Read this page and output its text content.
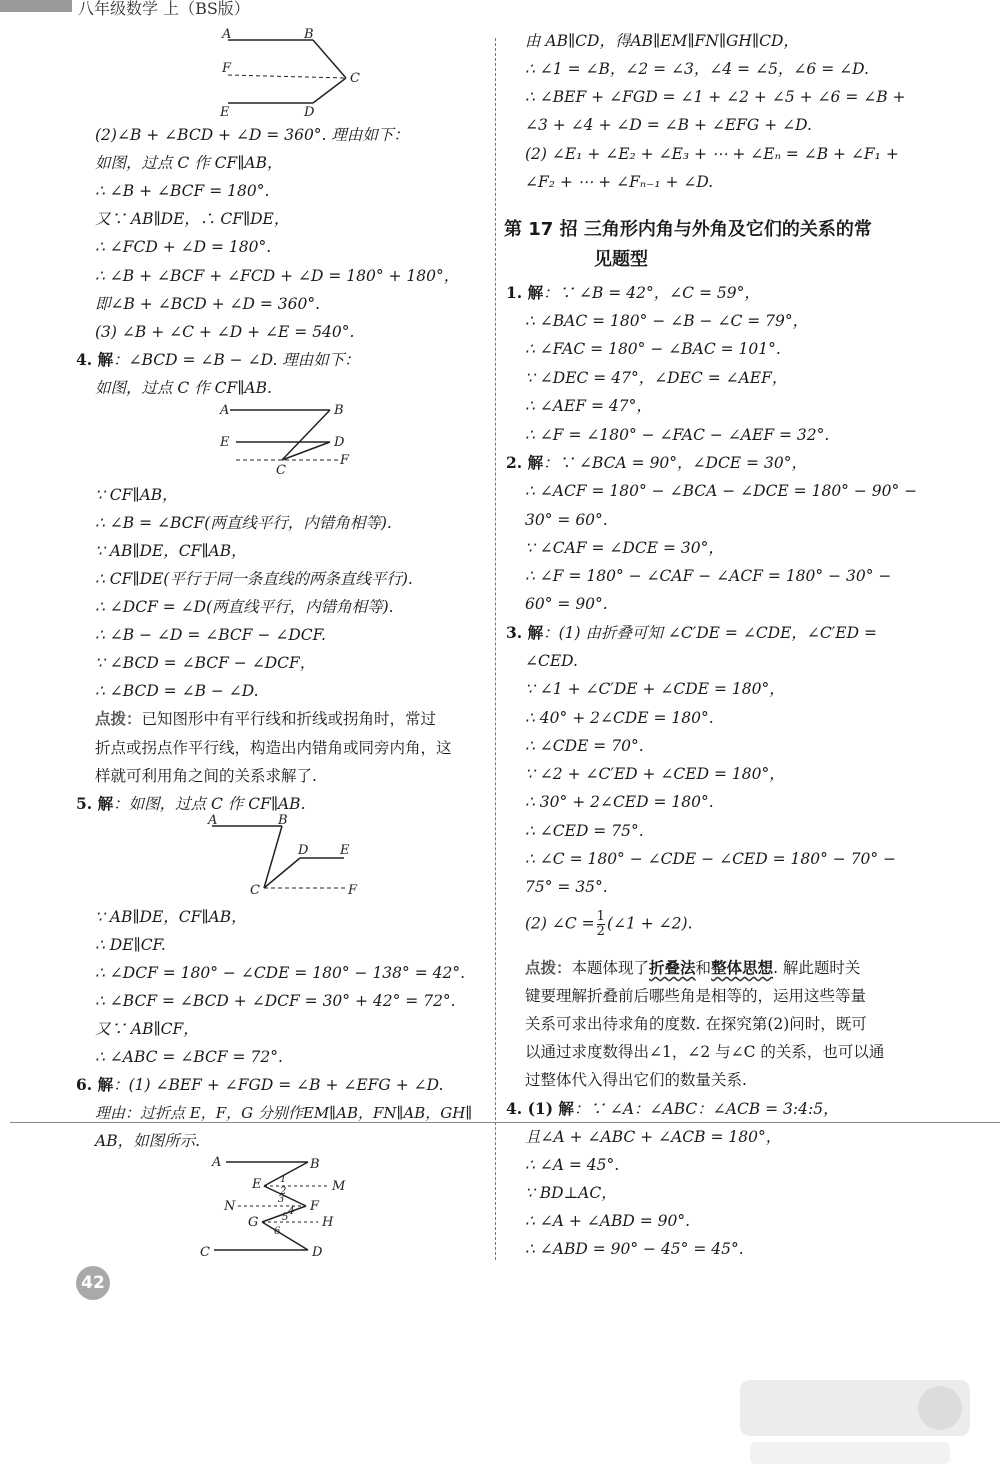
八年级数学 上（BS版）
A	B
C
D
E
F
(2)∠B + ∠BCD + ∠D = 360°. 理由如下：
如图，过点 C 作 CF∥AB，
∴ ∠B + ∠BCF = 180°.
又∵ AB∥DE，∴ CF∥DE，
∴ ∠FCD + ∠D = 180°.
∴ ∠B + ∠BCF + ∠FCD + ∠D = 180° + 180°，
即∠B + ∠BCD + ∠D = 360°.
(3) ∠B + ∠C + ∠D + ∠E = 540°.
4. 解：∠BCD = ∠B − ∠D. 理由如下：
如图，过点 C 作 CF∥AB.
A	B
C
D
E
F
∵ CF∥AB，
∴ ∠B = ∠BCF(两直线平行，内错角相等).
∵ AB∥DE，CF∥AB，
∴ CF∥DE(平行于同一条直线的两条直线平行).
∴ ∠DCF = ∠D(两直线平行，内错角相等).
∴ ∠B − ∠D = ∠BCF − ∠DCF.
∵ ∠BCD = ∠BCF − ∠DCF，
∴ ∠BCD = ∠B − ∠D.
点拨：已知图形中有平行线和折线或拐角时，常过
折点或拐点作平行线，构造出内错角或同旁内角，这
样就可利用角之间的关系求解了.
5. 解：如图，过点 C 作 CF∥AB.
A	B
C
D E
F
∵ AB∥DE，CF∥AB，
∴ DE∥CF.
∴ ∠DCF = 180° − ∠CDE = 180° − 138° = 42°.
∴ ∠BCF = ∠BCD + ∠DCF = 30° + 42° = 72°.
又∵ AB∥CF，
∴ ∠ABC = ∠BCF = 72°.
6. 解：(1) ∠BEF + ∠FGD = ∠B + ∠EFG + ∠D.
理由：过折点 E，F，G 分别作EM∥AB，FN∥AB，GH∥
AB，如图所示.
A	B
C	D
E
F
G	H
M
N
1
2
3
4
5
6
由 AB∥CD，得AB∥EM∥FN∥GH∥CD，
∴ ∠1 = ∠B，∠2 = ∠3，∠4 = ∠5，∠6 = ∠D.
∴ ∠BEF + ∠FGD = ∠1 + ∠2 + ∠5 + ∠6 = ∠B +
∠3 + ∠4 + ∠D = ∠B + ∠EFG + ∠D.
(2) ∠E₁ + ∠E₂ + ∠E₃ + ⋯ + ∠Eₙ = ∠B + ∠F₁ +
∠F₂ + ⋯ + ∠Fₙ₋₁ + ∠D.
第 17 招 三角形内角与外角及它们的关系的常
见题型
1. 解：∵ ∠B = 42°，∠C = 59°，
∴ ∠BAC = 180° − ∠B − ∠C = 79°，
∴ ∠FAC = 180° − ∠BAC = 101°.
∵ ∠DEC = 47°，∠DEC = ∠AEF，
∴ ∠AEF = 47°，
∴ ∠F = ∠180° − ∠FAC − ∠AEF = 32°.
2. 解：∵ ∠BCA = 90°，∠DCE = 30°，
∴ ∠ACF = 180° − ∠BCA − ∠DCE = 180° − 90° −
30° = 60°.
∵ ∠CAF = ∠DCE = 30°，
∴ ∠F = 180° − ∠CAF − ∠ACF = 180° − 30° −
60° = 90°.
3. 解：(1) 由折叠可知 ∠C′DE = ∠CDE，∠C′ED =
∠CED.
∵ ∠1 + ∠C′DE + ∠CDE = 180°，
∴ 40° + 2∠CDE = 180°.
∴ ∠CDE = 70°.
∵ ∠2 + ∠C′ED + ∠CED = 180°，
∴ 30° + 2∠CED = 180°.
∴ ∠CED = 75°.
∴ ∠C = 180° − ∠CDE − ∠CED = 180° − 70° −
75° = 35°.
(2) ∠C = $\frac{1}{2}$ (∠1 + ∠2).
点拨：本题体现了折叠法和整体思想. 解此题时关
键要理解折叠前后哪些角是相等的，运用这些等量
关系可求出待求角的度数. 在探究第(2)问时，既可
以通过求度数得出∠1，∠2 与∠C 的关系，也可以通
过整体代入得出它们的数量关系.
4. (1) 解：∵ ∠A：∠ABC：∠ACB = 3:4:5，
且∠A + ∠ABC + ∠ACB = 180°，
∴ ∠A = 45°.
∵ BD⊥AC，
∴ ∠A + ∠ABD = 90°.
∴ ∠ABD = 90° − 45° = 45°.
42
